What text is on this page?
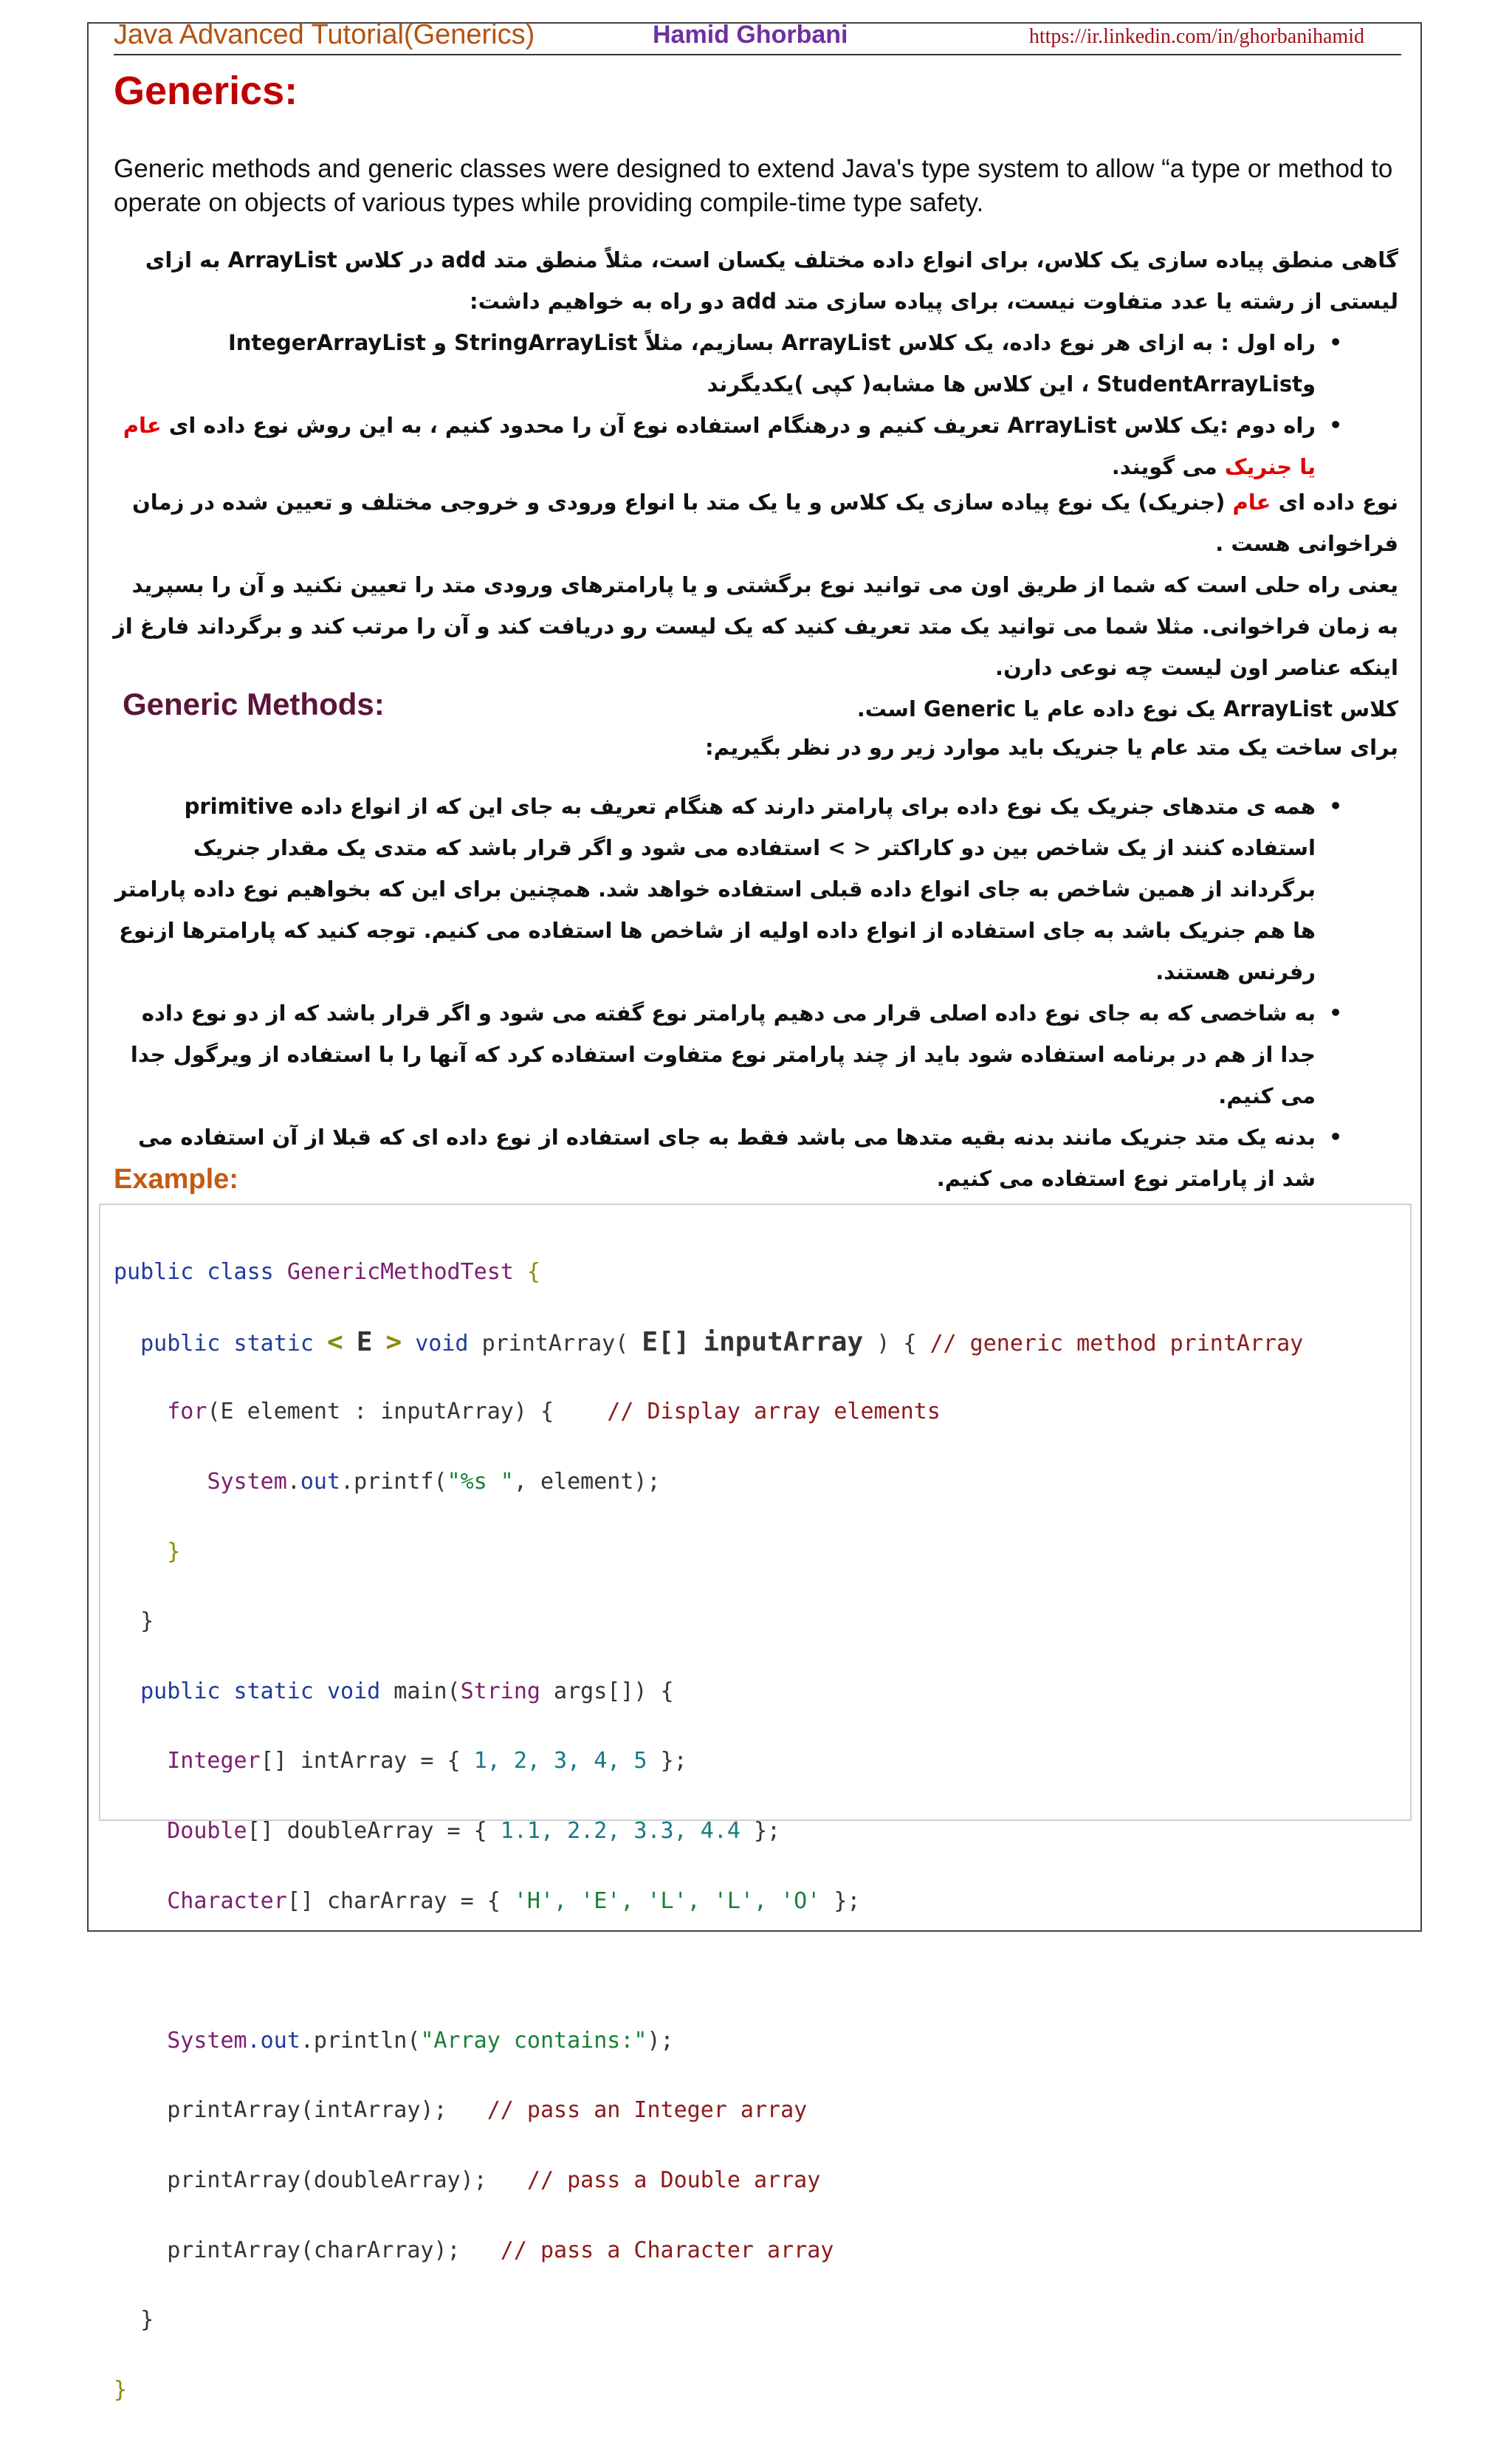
Java Advanced Tutorial(Generics)	Hamid Ghorbani	https://ir.linkedin.com/in/ghorbanihamid
Generics:
Generic methods and generic classes were designed to extend Java's type system to allow “a type or method to operate on objects of various types while providing compile-time type safety.

گاهی منطق پیاده سازی یک کلاس، برای انواع داده مختلف یکسان است، مثلاً منطق متد add در کلاس ArrayList به ازای لیستی از رشته یا عدد متفاوت نیست، برای پیاده سازی متد add دو راه به خواهیم داشت:

• راه اول : به ازای هر نوع داده، یک کلاس ArrayList بسازیم، مثلاً StringArrayList و IntegerArrayList وStudentArrayList ، این کلاس ها مشابه( کپی )یکدیگرند
• راه دوم :یک کلاس ArrayList تعریف کنیم و درهنگام استفاده نوع آن را محدود کنیم ، به این روش نوع داده ای عام یا جنریک می گویند.

نوع داده ای عام (جنریک) یک نوع پیاده سازی یک کلاس و یا یک متد با انواع ورودی و خروجی مختلف و تعیین شده در زمان فراخوانی هست .

یعنی راه حلی است که شما از طریق اون می توانید نوع برگشتی و یا پارامترهای ورودی متد را تعیین نکنید و آن را بسپرید به زمان فراخوانی. مثلا شما می توانید یک متد تعریف کنید که یک لیست رو دریافت کند و آن را مرتب کند و برگرداند فارغ از اینکه عناصر اون لیست چه نوعی دارن.

کلاس ArrayList یک نوع داده عام یا Generic است.

Generic Methods:

برای ساخت یک متد عام یا جنریک باید موارد زیر رو در نظر بگیریم:

• همه ی متدهای جنریک یک نوع داده برای پارامتر دارند که هنگام تعریف به جای این که از انواع داده primitive استفاده کنند از یک شاخص بین دو کاراکتر < > استفاده می شود و اگر قرار باشد که متدی یک مقدار جنریک برگرداند از همین شاخص به جای انواع داده قبلی استفاده خواهد شد. همچنین برای این که بخواهیم نوع داده پارامتر ها هم جنریک باشد به جای استفاده از انواع داده اولیه از شاخص ها استفاده می کنیم. توجه کنید که پارامترها ازنوع رفرنس هستند.
• به شاخصی که به جای نوع داده اصلی قرار می دهیم پارامتر نوع گفته می شود و اگر قرار باشد که از دو نوع داده جدا از هم در برنامه استفاده شود باید از چند پارامتر نوع متفاوت استفاده کرد که آنها را با استفاده از ویرگول جدا می کنیم.
• بدنه یک متد جنریک مانند بدنه بقیه متدها می باشد فقط به جای استفاده از نوع داده ای که قبلا از آن استفاده می شد از پارامتر نوع استفاده می کنیم.
Example:

public class GenericMethodTest {

public static < E > void printArray( E[] inputArray ) { // generic method printArray

for(E element : inputArray) { // Display array elements

System.out.printf("%s ", element);

}

}

public static void main(String args[]) {

Integer[] intArray = { 1, 2, 3, 4, 5 };

Double[] doubleArray = { 1.1, 2.2, 3.3, 4.4 };

Character[] charArray = { 'H', 'E', 'L', 'L', 'O' };

System.out.println("Array contains:");

printArray(intArray); // pass an Integer array

printArray(doubleArray); // pass a Double array

printArray(charArray); // pass a Character array

}

}
